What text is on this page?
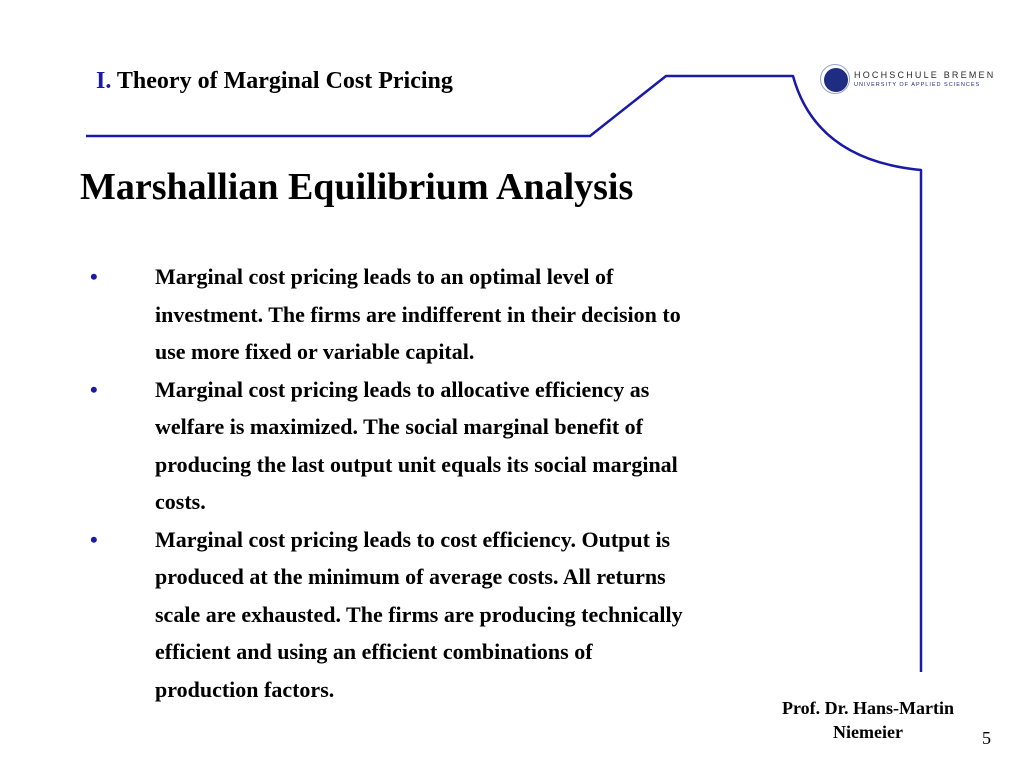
I. Theory of Marginal Cost Pricing	HOCHSCHULE BREMEN
UNIVERSITY OF APPLIED SCIENCES
Marshallian Equilibrium Analysis
•	Marginal cost pricing leads to an optimal level of
investment. The firms are indifferent in their decision to
use more fixed or variable capital.
•	Marginal cost pricing leads to allocative efficiency as
welfare is maximized. The social marginal benefit of
producing the last output unit equals its social marginal
costs.
•	Marginal cost pricing leads to cost efficiency. Output is
produced at the minimum of average costs. All returns
scale are exhausted. The firms are producing technically
efficient and using an efficient combinations of
production factors.
Prof. Dr. Hans-Martin
Niemeier	5
